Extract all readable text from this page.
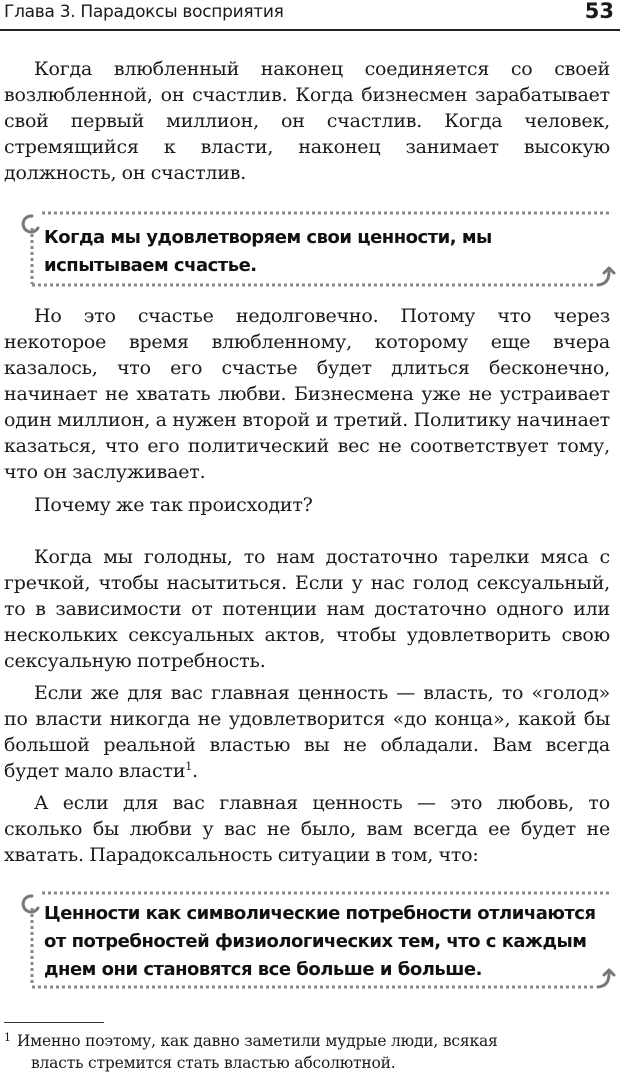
Глава 3. Парадоксы восприятия	53

Когда влюбленный наконец соединяется со своей возлюбленной, он счастлив. Когда бизнесмен зарабатывает свой первый миллион, он счастлив. Когда человек, стремящийся к власти, наконец занимает высокую должность, он счастлив.

Когда мы удовлетворяем свои ценности, мы испытываем счастье.

Но это счастье недолговечно. Потому что через некоторое время влюбленному, которому еще вчера казалось, что его счастье будет длиться бесконечно, начинает не хватать любви. Бизнесмена уже не устраивает один миллион, а нужен второй и третий. Политику начинает казаться, что его политический вес не соответствует тому, что он заслуживает.

Почему же так происходит?

Когда мы голодны, то нам достаточно тарелки мяса с гречкой, чтобы насытиться. Если у нас голод сексуальный, то в зависимости от потенции нам достаточно одного или нескольких сексуальных актов, чтобы удовлетворить свою сексуальную потребность.

Если же для вас главная ценность — власть, то «голод» по власти никогда не удовлетворится «до конца», какой бы большой реальной властью вы не обладали. Вам всегда будет мало власти$^1$.

А если для вас главная ценность — это любовь, то сколько бы любви у вас не было, вам всегда ее будет не хватать. Парадоксальность ситуации в том, что:

Ценности как символические потребности отличаются от потребностей физиологических тем, что с каждым днем они становятся все больше и больше.

$^1$ Именно поэтому, как давно заметили мудрые люди, всякая
власть стремится стать властью абсолютной.
